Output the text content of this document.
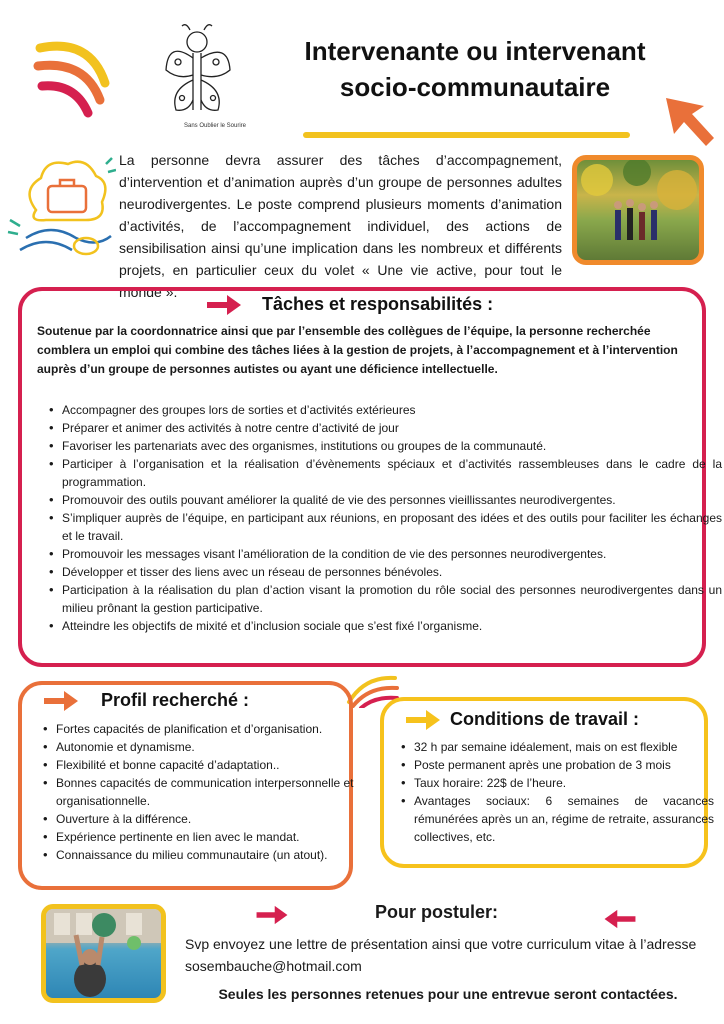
Sans Oublier le Sourire
Intervenante ou intervenant
socio-communautaire
La personne devra assurer des tâches d’accompagnement, d’intervention et d’animation auprès d’un groupe de personnes adultes neurodivergentes. Le poste comprend plusieurs moments d’animation d’activités, de l’accompagnement individuel, des actions de sensibilisation ainsi qu’une implication dans les nombreux et différents projets, en particulier ceux du volet « Une vie active, pour tout le monde ».
Tâches et responsabilités :
Soutenue par la coordonnatrice ainsi que par l’ensemble des collègues de l’équipe, la personne recherchée comblera un emploi qui combine des tâches liées à la gestion de projets, à l’accompagnement et à l’intervention auprès d’un groupe de personnes autistes ou ayant une déficience intellectuelle.
• Accompagner des groupes lors de sorties et d’activités extérieures
• Préparer et animer des activités à notre centre d’activité de jour
• Favoriser les partenariats avec des organismes, institutions ou groupes de la communauté.
• Participer à l’organisation et la réalisation d’évènements spéciaux et d’activités rassembleuses dans le cadre de la programmation.
• Promouvoir des outils pouvant améliorer la qualité de vie des personnes vieillissantes neurodivergentes.
• S’impliquer auprès de l’équipe, en participant aux réunions, en proposant des idées et des outils pour faciliter les échanges et le travail.
• Promouvoir les messages visant l’amélioration de la condition de vie des personnes neurodivergentes.
• Développer et tisser des liens avec un réseau de personnes bénévoles.
• Participation à la réalisation du plan d’action visant la promotion du rôle social des personnes neurodivergentes dans un milieu prônant la gestion participative.
• Atteindre les objectifs de mixité et d’inclusion sociale que s’est fixé l’organisme.
Profil recherché :
• Fortes capacités de planification et d’organisation.
• Autonomie et dynamisme.
• Flexibilité et bonne capacité d’adaptation..
• Bonnes capacités de communication interpersonnelle et organisationnelle.
• Ouverture à la différence.
• Expérience pertinente en lien avec le mandat.
• Connaissance du milieu communautaire (un atout).
Conditions de travail :
• 32 h par semaine idéalement, mais on est flexible
• Poste permanent après une probation de 3 mois
• Taux horaire: 22$ de l’heure.
• Avantages sociaux: 6 semaines de vacances rémunérées après un an, régime de retraite, assurances collectives, etc.
Pour postuler:
Svp envoyez une lettre de présentation ainsi que votre curriculum vitae à l’adresse sosembauche@hotmail.com
Seules les personnes retenues pour une entrevue seront contactées.
